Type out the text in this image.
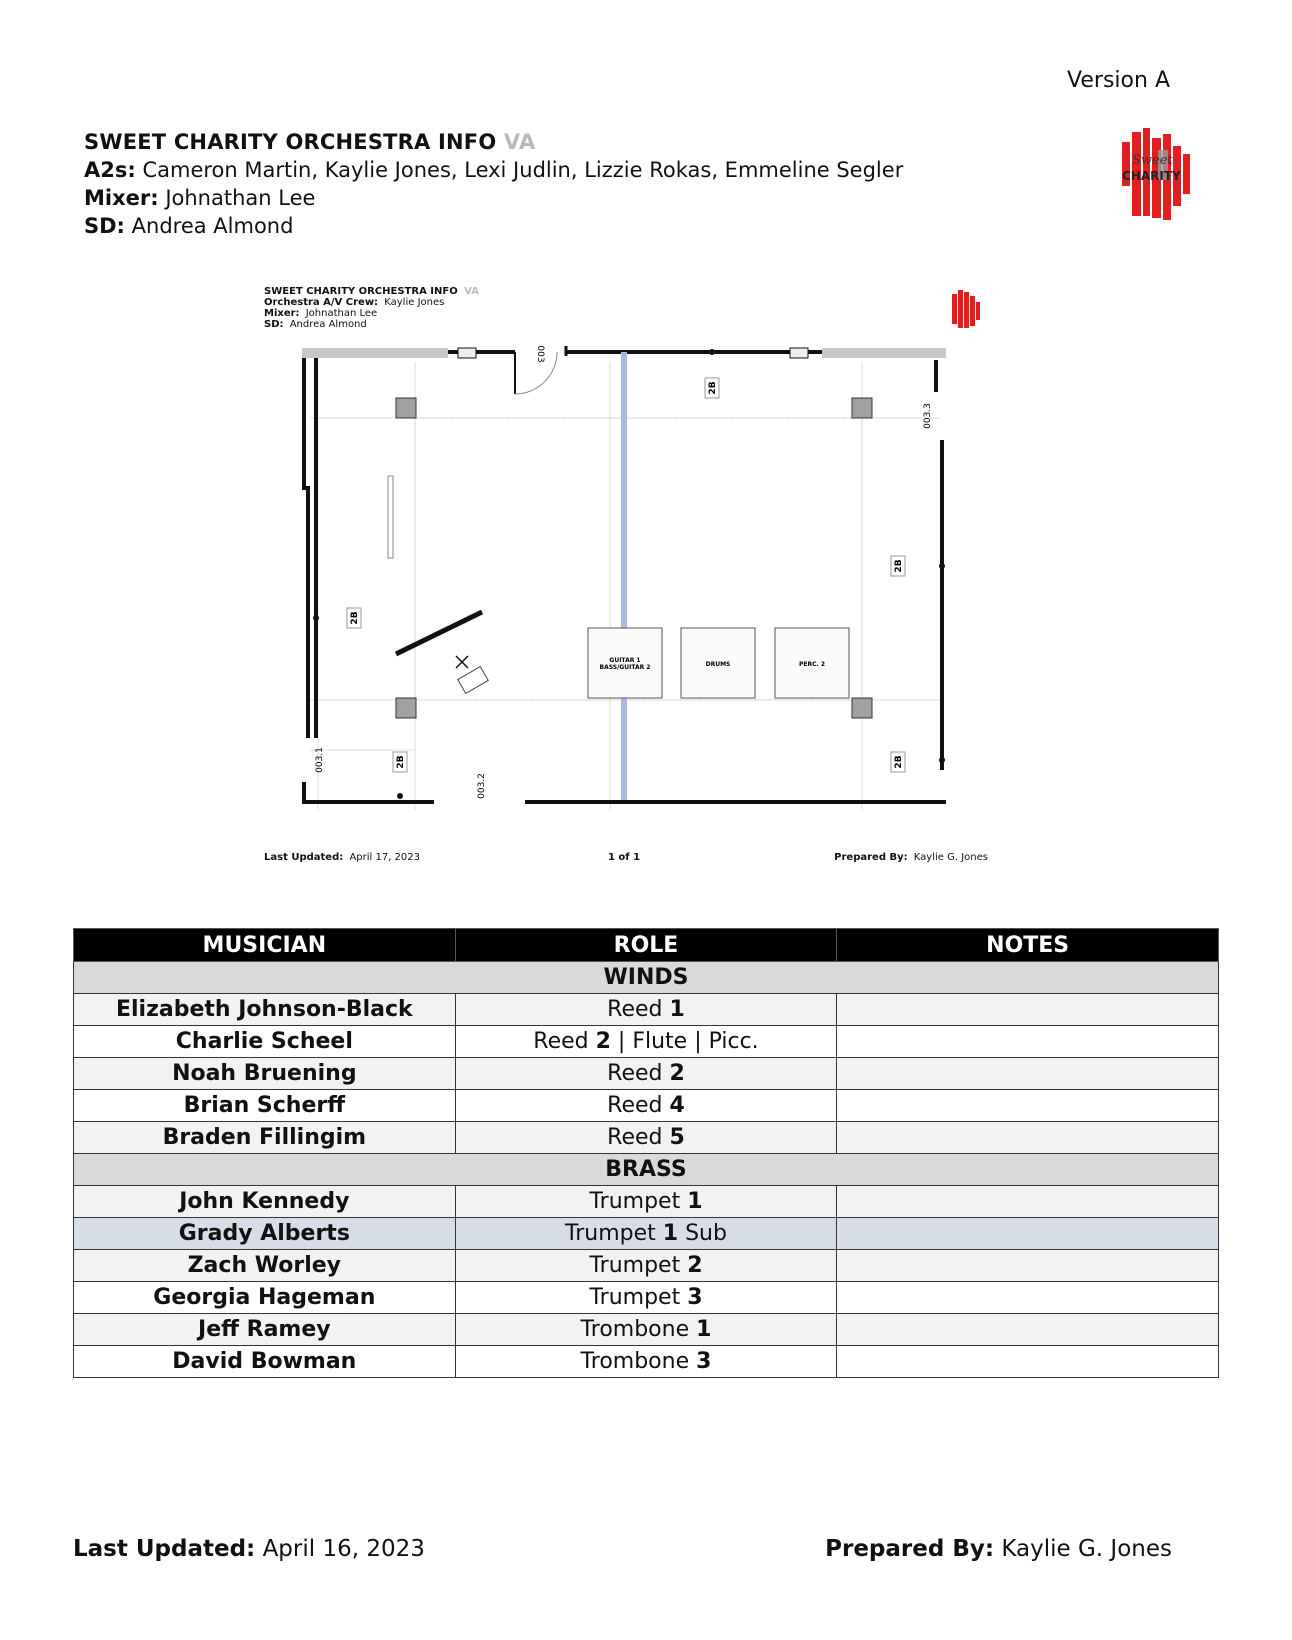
Version A
SWEET CHARITY ORCHESTRA INFO VA
A2s: Cameron Martin, Kaylie Jones, Lexi Judlin, Lizzie Rokas, Emmeline Segler
Mixer: Johnathan Lee
SD: Andrea Almond
Sweet
CHARITY
SWEET CHARITY ORCHESTRA INFO VA
Orchestra A/V Crew: Kaylie Jones
Mixer: Johnathan Lee
SD: Andrea Almond
GUITAR 1
BASS/GUITAR 2	DRUMS	PERC. 2
2B
2B
2B
2B	2B
003
003.3
003.1
003.2
Last Updated: April 17, 2023	1 of 1	Prepared By: Kaylie G. Jones
MUSICIAN	ROLE	NOTES
WINDS		
Elizabeth Johnson-Black	Reed 1	
Charlie Scheel	Reed 2 | Flute | Picc.	
Noah Bruening	Reed 2	
Brian Scherff	Reed 4	
Braden Fillingim	Reed 5	
BRASS		
John Kennedy	Trumpet 1	
Grady Alberts	Trumpet 1 Sub	
Zach Worley	Trumpet 2	
Georgia Hageman	Trumpet 3	
Jeff Ramey	Trombone 1	
David Bowman	Trombone 3	
Last Updated: April 16, 2023	Prepared By: Kaylie G. Jones
